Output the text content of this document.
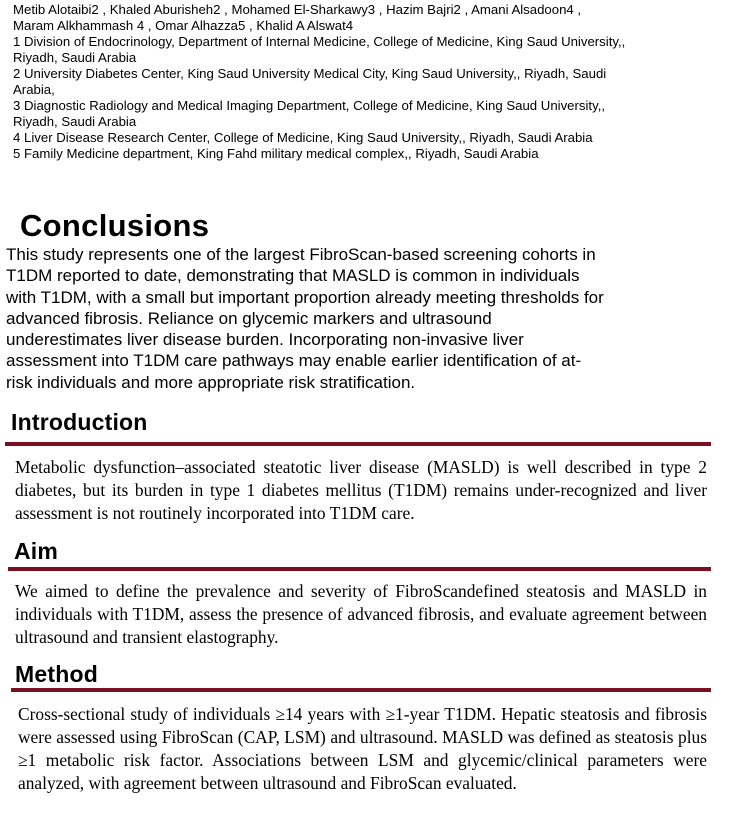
Metib Alotaibi2 , Khaled Aburisheh2 , Mohamed El-Sharkawy3 , Hazim Bajri2 , Amani Alsadoon4 ,
Maram Alkhammash 4 , Omar Alhazza5 , Khalid A Alswat4
1 Division of Endocrinology, Department of Internal Medicine, College of Medicine, King Saud University,, Riyadh, Saudi Arabia
2 University Diabetes Center, King Saud University Medical City, King Saud University,, Riyadh, Saudi Arabia,
3 Diagnostic Radiology and Medical Imaging Department, College of Medicine, King Saud University,, Riyadh, Saudi Arabia
4 Liver Disease Research Center, College of Medicine, King Saud University,, Riyadh, Saudi Arabia
5 Family Medicine department, King Fahd military medical complex,, Riyadh, Saudi Arabia
Conclusions
This study represents one of the largest FibroScan-based screening cohorts in
T1DM reported to date, demonstrating that MASLD is common in individuals
with T1DM, with a small but important proportion already meeting thresholds for
advanced fibrosis. Reliance on glycemic markers and ultrasound
underestimates liver disease burden. Incorporating non-invasive liver
assessment into T1DM care pathways may enable earlier identification of at-
risk individuals and more appropriate risk stratification.
Introduction
Metabolic dysfunction–associated steatotic liver disease (MASLD) is well described in type 2 diabetes, but its burden in type 1 diabetes mellitus (T1DM) remains under-recognized and liver assessment is not routinely incorporated into T1DM care.
Aim
We aimed to define the prevalence and severity of FibroScandefined steatosis and MASLD in individuals with T1DM, assess the presence of advanced fibrosis, and evaluate agreement between ultrasound and transient elastography.
Method
Cross-sectional study of individuals ≥14 years with ≥1-year T1DM. Hepatic steatosis and fibrosis were assessed using FibroScan (CAP, LSM) and ultrasound. MASLD was defined as steatosis plus ≥1 metabolic risk factor. Associations between LSM and glycemic/clinical parameters were analyzed, with agreement between ultrasound and FibroScan evaluated.
